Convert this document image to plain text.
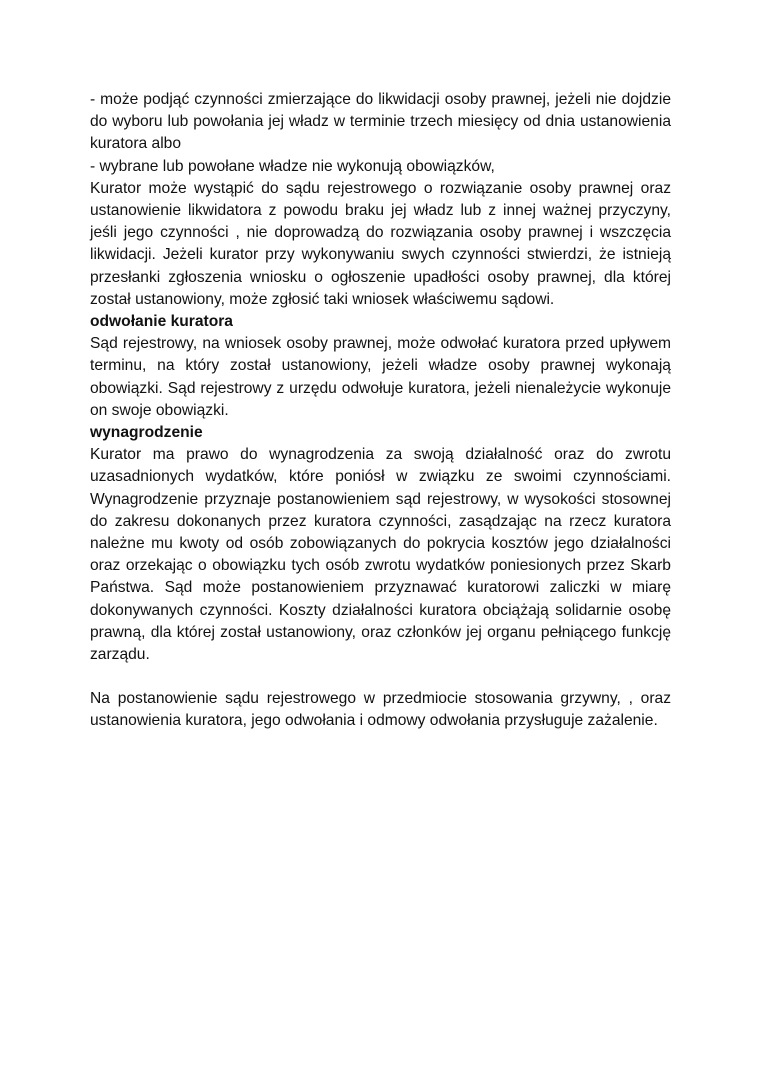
- może podjąć czynności zmierzające do likwidacji osoby prawnej, jeżeli nie dojdzie do wyboru lub powołania jej władz w terminie trzech miesięcy od dnia ustanowienia kuratora albo

- wybrane lub powołane władze nie wykonują obowiązków,

Kurator może wystąpić do sądu rejestrowego o rozwiązanie osoby prawnej oraz ustanowienie likwidatora z powodu braku jej władz lub z innej ważnej przyczyny, jeśli jego czynności , nie doprowadzą do rozwiązania osoby prawnej i wszczęcia likwidacji. Jeżeli kurator przy wykonywaniu swych czynności stwierdzi, że istnieją przesłanki zgłoszenia wniosku o ogłoszenie upadłości osoby prawnej, dla której został ustanowiony, może zgłosić taki wniosek właściwemu sądowi.

odwołanie kuratora

Sąd rejestrowy, na wniosek osoby prawnej, może odwołać kuratora przed upływem terminu, na który został ustanowiony, jeżeli władze osoby prawnej wykonają obowiązki. Sąd rejestrowy z urzędu odwołuje kuratora, jeżeli nienależycie wykonuje on swoje obowiązki.

wynagrodzenie

Kurator ma prawo do wynagrodzenia za swoją działalność oraz do zwrotu uzasadnionych wydatków, które poniósł w związku ze swoimi czynnościami. Wynagrodzenie przyznaje postanowieniem sąd rejestrowy, w wysokości stosownej do zakresu dokonanych przez kuratora czynności, zasądzając na rzecz kuratora należne mu kwoty od osób zobowiązanych do pokrycia kosztów jego działalności oraz orzekając o obowiązku tych osób zwrotu wydatków poniesionych przez Skarb Państwa. Sąd może postanowieniem przyznawać kuratorowi zaliczki w miarę dokonywanych czynności. Koszty działalności kuratora obciążają solidarnie osobę prawną, dla której został ustanowiony, oraz członków jej organu pełniącego funkcję zarządu.

Na postanowienie sądu rejestrowego w przedmiocie stosowania grzywny, , oraz ustanowienia kuratora, jego odwołania i odmowy odwołania przysługuje zażalenie.
